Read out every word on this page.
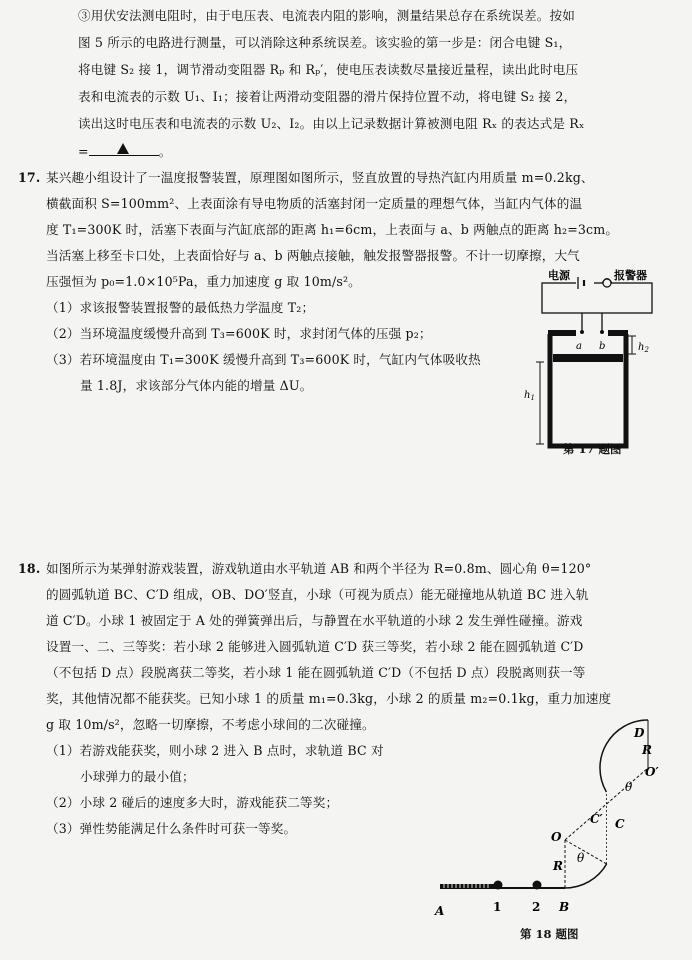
③用伏安法测电阻时，由于电压表、电流表内阻的影响，测量结果总存在系统误差。按如
图 5 所示的电路进行测量，可以消除这种系统误差。该实验的第一步是：闭合电键 S₁，
将电键 S₂ 接 1，调节滑动变阻器 Rₚ 和 Rₚ′，使电压表读数尽量接近量程，读出此时电压
表和电流表的示数 U₁、I₁；接着让两滑动变阻器的滑片保持位置不动，将电键 S₂ 接 2，
读出这时电压表和电流表的示数 U₂、I₂。由以上记录数据计算被测电阻 Rₓ 的表达式是 Rₓ
=	。
17. 某兴趣小组设计了一温度报警装置，原理图如图所示，竖直放置的导热汽缸内用质量 m=0.2kg、
横截面积 S=100mm²、上表面涂有导电物质的活塞封闭一定质量的理想气体，当缸内气体的温
度 T₁=300K 时，活塞下表面与汽缸底部的距离 h₁=6cm，上表面与 a、b 两触点的距离 h₂=3cm。
当活塞上移至卡口处，上表面恰好与 a、b 两触点接触，触发报警器报警。不计一切摩擦，大气
压强恒为 p₀=1.0×10⁵Pa，重力加速度 g 取 10m/s²。
（1）求该报警装置报警的最低热力学温度 T₂；
（2）当环境温度缓慢升高到 T₃=600K 时，求封闭气体的压强 p₂；
（3）若环境温度由 T₁=300K 缓慢升高到 T₃=600K 时，气缸内气体吸收热
量 1.8J，求该部分气体内能的增量 ΔU。
电源	报警器
a b	$h_2$
$h_1$
第 17 题图
18. 如图所示为某弹射游戏装置，游戏轨道由水平轨道 AB 和两个半径为 R=0.8m、圆心角 θ=120°
的圆弧轨道 BC、C′D 组成，OB、DO′竖直，小球（可视为质点）能无碰撞地从轨道 BC 进入轨
道 C′D。小球 1 被固定于 A 处的弹簧弹出后，与静置在水平轨道的小球 2 发生弹性碰撞。游戏
设置一、二、三等奖：若小球 2 能够进入圆弧轨道 C′D 获三等奖，若小球 2 能在圆弧轨道 C′D
（不包括 D 点）段脱离获二等奖，若小球 1 能在圆弧轨道 C′D（不包括 D 点）段脱离则获一等
奖，其他情况都不能获奖。已知小球 1 的质量 m₁=0.3kg，小球 2 的质量 m₂=0.1kg，重力加速度
g 取 10m/s²，忽略一切摩擦，不考虑小球间的二次碰撞。
（1）若游戏能获奖，则小球 2 进入 B 点时，求轨道 BC 对
小球弹力的最小值；
（2）小球 2 碰后的速度多大时，游戏能获二等奖；
（3）弹性势能满足什么条件时可获一等奖。
A	1	2 B
O
R
θ
C′ C
θ
O′
R
D
第 18 题图
